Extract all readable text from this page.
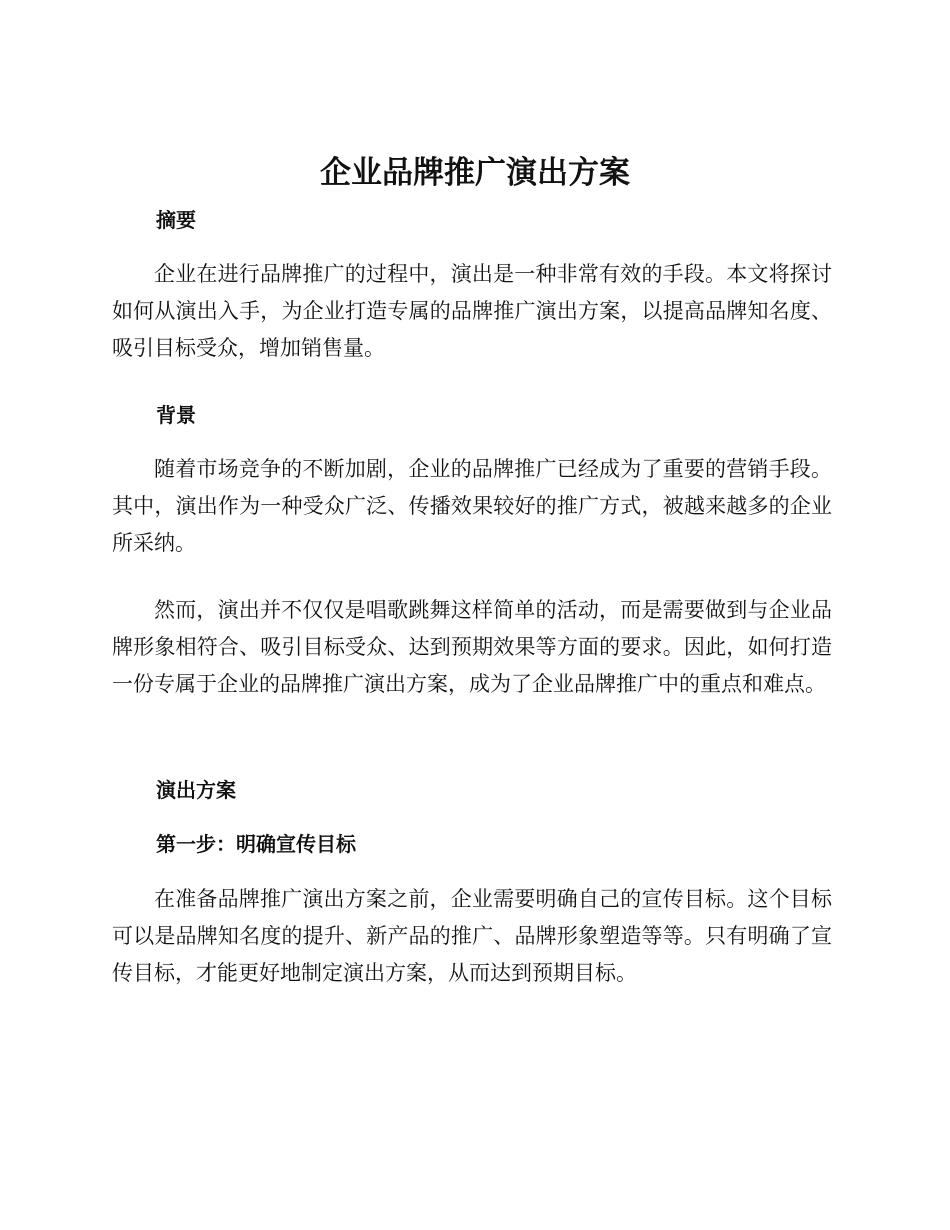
企业品牌推广演出方案
摘要

企业在进行品牌推广的过程中，演出是一种非常有效的手段。本文将探讨如何从演出入手，为企业打造专属的品牌推广演出方案，以提高品牌知名度、吸引目标受众，增加销售量。

背景

随着市场竞争的不断加剧，企业的品牌推广已经成为了重要的营销手段。其中，演出作为一种受众广泛、传播效果较好的推广方式，被越来越多的企业所采纳。

然而，演出并不仅仅是唱歌跳舞这样简单的活动，而是需要做到与企业品牌形象相符合、吸引目标受众、达到预期效果等方面的要求。因此，如何打造一份专属于企业的品牌推广演出方案，成为了企业品牌推广中的重点和难点。

演出方案
第一步：明确宣传目标

在准备品牌推广演出方案之前，企业需要明确自己的宣传目标。这个目标可以是品牌知名度的提升、新产品的推广、品牌形象塑造等等。只有明确了宣传目标，才能更好地制定演出方案，从而达到预期目标。
